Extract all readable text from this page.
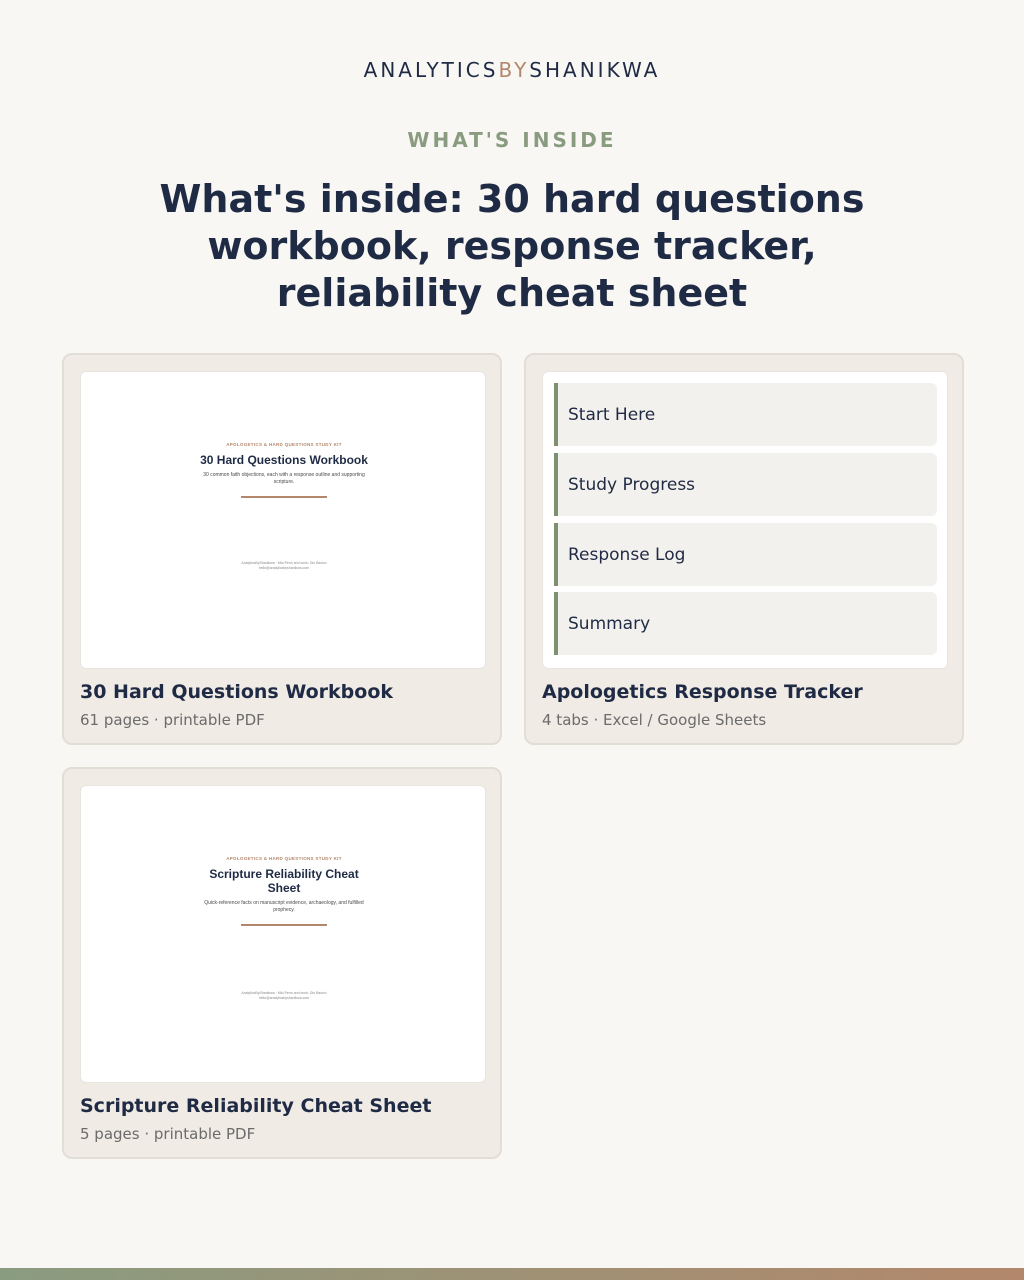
ANALYTICSBYSHANIKWA
WHAT'S INSIDE
What's inside: 30 hard questions workbook, response tracker, reliability cheat sheet
APOLOGETICS & HARD QUESTIONS STUDY KIT
30 Hard Questions Workbook
30 common faith objections, each with a response outline and supporting scripture.
AnalyticsByShanikwa · Mid-Penn and work: Dio Basico
hello@analyticsbyshanikwa.com
30 Hard Questions Workbook
61 pages · printable PDF
Start Here
Study Progress
Response Log
Summary
Apologetics Response Tracker
4 tabs · Excel / Google Sheets
APOLOGETICS & HARD QUESTIONS STUDY KIT
Scripture Reliability Cheat Sheet
Quick-reference facts on manuscript evidence, archaeology, and fulfilled prophecy.
AnalyticsByShanikwa · Mid-Penn and work: Dio Basico
hello@analyticsbyshanikwa.com
Scripture Reliability Cheat Sheet
5 pages · printable PDF
